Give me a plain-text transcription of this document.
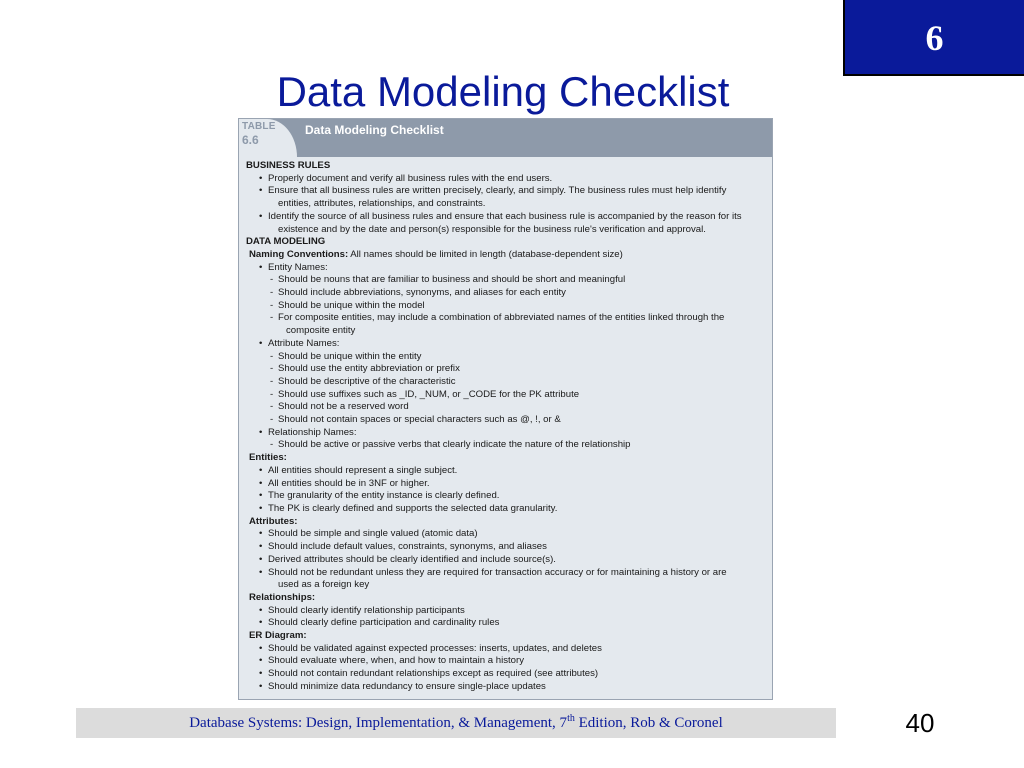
6
Data Modeling Checklist
TABLE
6.6
Data Modeling Checklist
BUSINESS RULES
• Properly document and verify all business rules with the end users.
• Ensure that all business rules are written precisely, clearly, and simply. The business rules must help identify
entities, attributes, relationships, and constraints.
• Identify the source of all business rules and ensure that each business rule is accompanied by the reason for its
existence and by the date and person(s) responsible for the business rule's verification and approval.
DATA MODELING
Naming Conventions: All names should be limited in length (database-dependent size)
• Entity Names:
- Should be nouns that are familiar to business and should be short and meaningful
- Should include abbreviations, synonyms, and aliases for each entity
- Should be unique within the model
- For composite entities, may include a combination of abbreviated names of the entities linked through the
composite entity
• Attribute Names:
- Should be unique within the entity
- Should use the entity abbreviation or prefix
- Should be descriptive of the characteristic
- Should use suffixes such as _ID, _NUM, or _CODE for the PK attribute
- Should not be a reserved word
- Should not contain spaces or special characters such as @, !, or &
• Relationship Names:
- Should be active or passive verbs that clearly indicate the nature of the relationship
Entities:
• All entities should represent a single subject.
• All entities should be in 3NF or higher.
• The granularity of the entity instance is clearly defined.
• The PK is clearly defined and supports the selected data granularity.
Attributes:
• Should be simple and single valued (atomic data)
• Should include default values, constraints, synonyms, and aliases
• Derived attributes should be clearly identified and include source(s).
• Should not be redundant unless they are required for transaction accuracy or for maintaining a history or are
used as a foreign key
Relationships:
• Should clearly identify relationship participants
• Should clearly define participation and cardinality rules
ER Diagram:
• Should be validated against expected processes: inserts, updates, and deletes
• Should evaluate where, when, and how to maintain a history
• Should not contain redundant relationships except as required (see attributes)
• Should minimize data redundancy to ensure single-place updates
Database Systems: Design, Implementation, & Management, 7th Edition, Rob & Coronel	40
